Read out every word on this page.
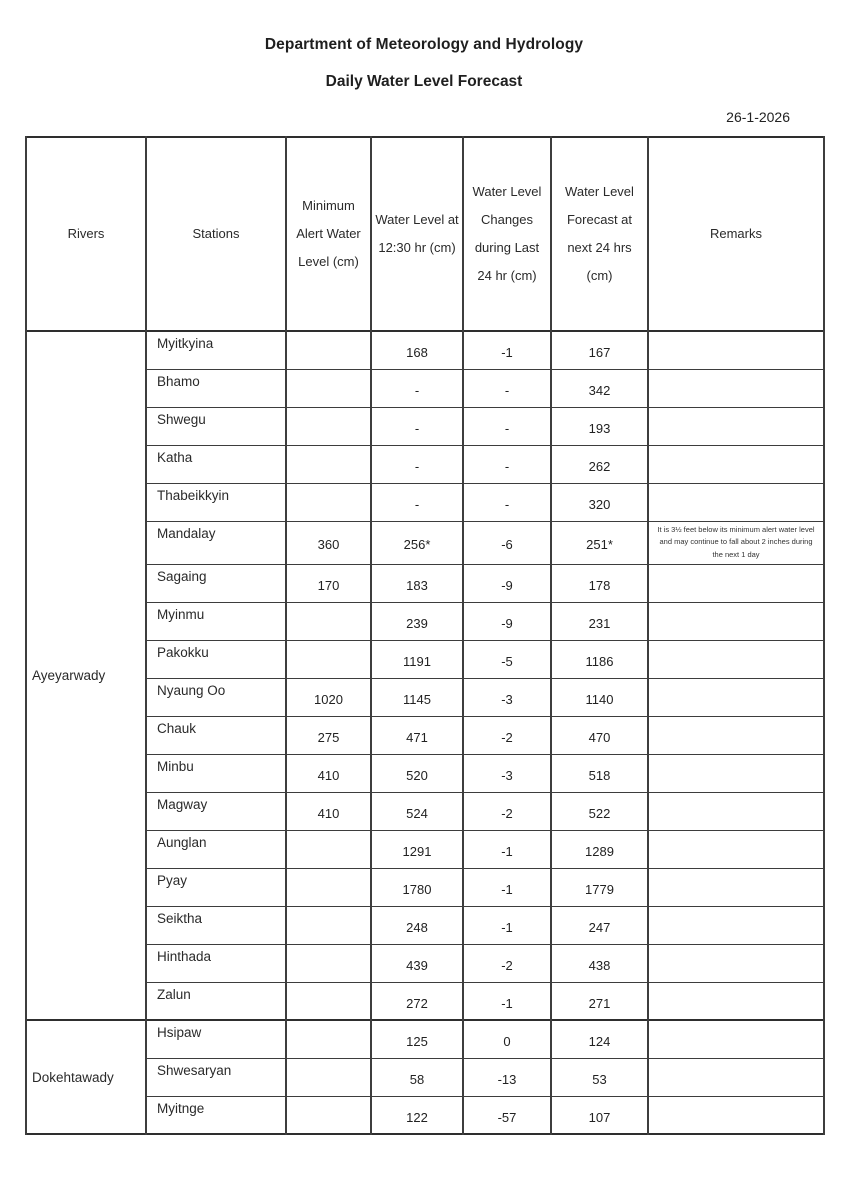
Department of Meteorology and Hydrology
Daily Water Level Forecast
26-1-2026
Rivers	Stations	Minimum Alert Water Level (cm)	Water Level at 12:30 hr (cm)	Water Level Changes during Last 24 hr (cm)	Water Level Forecast at next 24 hrs (cm)	Remarks
Ayeyarwady	Myitkyina		168	-1	167	
	Bhamo		-	-	342	
	Shwegu		-	-	193	
	Katha		-	-	262	
	Thabeikkyin		-	-	320	
	Mandalay	360	256*	-6	251*	It is 3½ feet below its minimum alert water level and may continue to fall about 2 inches during the next 1 day
	Sagaing	170	183	-9	178	
	Myinmu		239	-9	231	
	Pakokku		1191	-5	1186	
	Nyaung Oo	1020	1145	-3	1140	
	Chauk	275	471	-2	470	
	Minbu	410	520	-3	518	
	Magway	410	524	-2	522	
	Aunglan		1291	-1	1289	
	Pyay		1780	-1	1779	
	Seiktha		248	-1	247	
	Hinthada		439	-2	438	
	Zalun		272	-1	271	
Dokehtawady	Hsipaw		125	0	124	
	Shwesaryan		58	-13	53	
	Myitnge		122	-57	107	
